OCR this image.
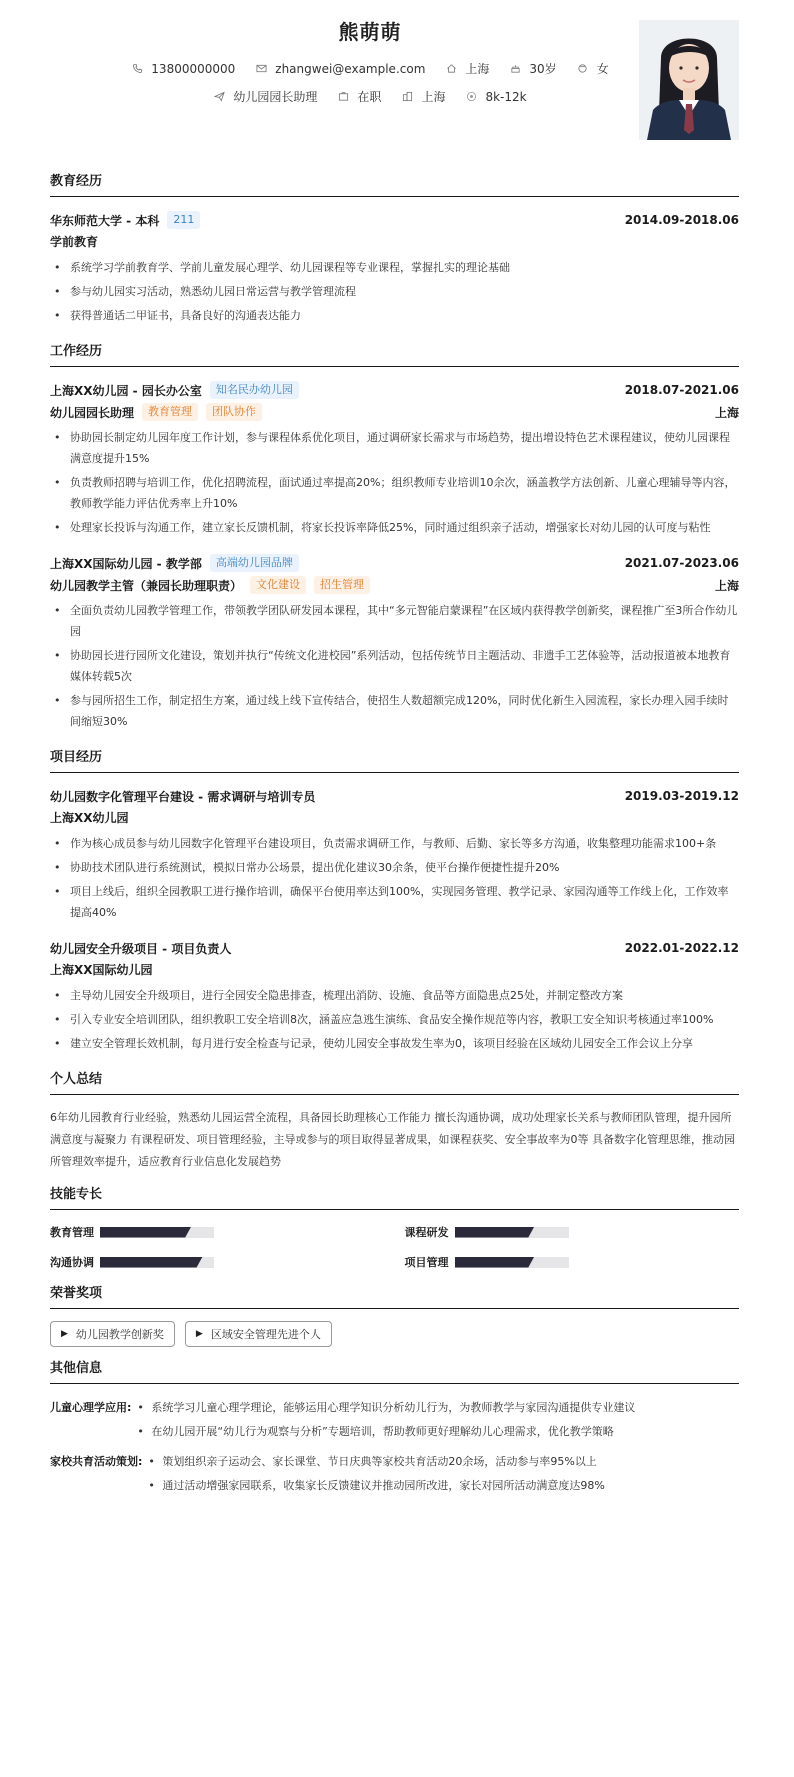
熊萌萌
13800000000	zhangwei@example.com	上海	30岁	女
幼儿园园长助理	在职	上海	8k-12k
教育经历
华东师范大学 - 本科	211	2014.09-2018.06
学前教育
• 系统学习学前教育学、学前儿童发展心理学、幼儿园课程等专业课程，掌握扎实的理论基础
• 参与幼儿园实习活动，熟悉幼儿园日常运营与教学管理流程
• 获得普通话二甲证书，具备良好的沟通表达能力
工作经历
上海XX幼儿园 - 园长办公室	知名民办幼儿园	2018.07-2021.06
幼儿园园长助理	教育管理	团队协作	上海
• 协助园长制定幼儿园年度工作计划，参与课程体系优化项目，通过调研家长需求与市场趋势，提出增设特色艺术课程建议，使幼儿园课程满意度提升15%
• 负责教师招聘与培训工作，优化招聘流程，面试通过率提高20%；组织教师专业培训10余次，涵盖教学方法创新、儿童心理辅导等内容，教师教学能力评估优秀率上升10%
• 处理家长投诉与沟通工作，建立家长反馈机制，将家长投诉率降低25%，同时通过组织亲子活动，增强家长对幼儿园的认可度与粘性
上海XX国际幼儿园 - 教学部	高端幼儿园品牌	2021.07-2023.06
幼儿园教学主管（兼园长助理职责）	文化建设	招生管理	上海
• 全面负责幼儿园教学管理工作，带领教学团队研发园本课程，其中“多元智能启蒙课程”在区域内获得教学创新奖，课程推广至3所合作幼儿园
• 协助园长进行园所文化建设，策划并执行“传统文化进校园”系列活动，包括传统节日主题活动、非遗手工艺体验等，活动报道被本地教育媒体转载5次
• 参与园所招生工作，制定招生方案，通过线上线下宣传结合，使招生人数超额完成120%，同时优化新生入园流程，家长办理入园手续时间缩短30%
项目经历
幼儿园数字化管理平台建设 - 需求调研与培训专员	2019.03-2019.12
上海XX幼儿园
• 作为核心成员参与幼儿园数字化管理平台建设项目，负责需求调研工作，与教师、后勤、家长等多方沟通，收集整理功能需求100+条
• 协助技术团队进行系统测试，模拟日常办公场景，提出优化建议30余条，使平台操作便捷性提升20%
• 项目上线后，组织全园教职工进行操作培训，确保平台使用率达到100%，实现园务管理、教学记录、家园沟通等工作线上化，工作效率提高40%
幼儿园安全升级项目 - 项目负责人	2022.01-2022.12
上海XX国际幼儿园
• 主导幼儿园安全升级项目，进行全园安全隐患排查，梳理出消防、设施、食品等方面隐患点25处，并制定整改方案
• 引入专业安全培训团队，组织教职工安全培训8次，涵盖应急逃生演练、食品安全操作规范等内容，教职工安全知识考核通过率100%
• 建立安全管理长效机制，每月进行安全检查与记录，使幼儿园安全事故发生率为0，该项目经验在区域幼儿园安全工作会议上分享
个人总结
6年幼儿园教育行业经验，熟悉幼儿园运营全流程，具备园长助理核心工作能力 擅长沟通协调，成功处理家长关系与教师团队管理，提升园所满意度与凝聚力 有课程研发、项目管理经验，主导或参与的项目取得显著成果，如课程获奖、安全事故率为0等 具备数字化管理思维，推动园所管理效率提升，适应教育行业信息化发展趋势
技能专长
教育管理	课程研发
沟通协调	项目管理
荣誉奖项
▶ 幼儿园教学创新奖	▶ 区域安全管理先进个人
其他信息
儿童心理学应用:	• 系统学习儿童心理学理论，能够运用心理学知识分析幼儿行为，为教师教学与家园沟通提供专业建议
• 在幼儿园开展“幼儿行为观察与分析”专题培训，帮助教师更好理解幼儿心理需求，优化教学策略
家校共育活动策划:	• 策划组织亲子运动会、家长课堂、节日庆典等家校共育活动20余场，活动参与率95%以上
• 通过活动增强家园联系，收集家长反馈建议并推动园所改进，家长对园所活动满意度达98%
